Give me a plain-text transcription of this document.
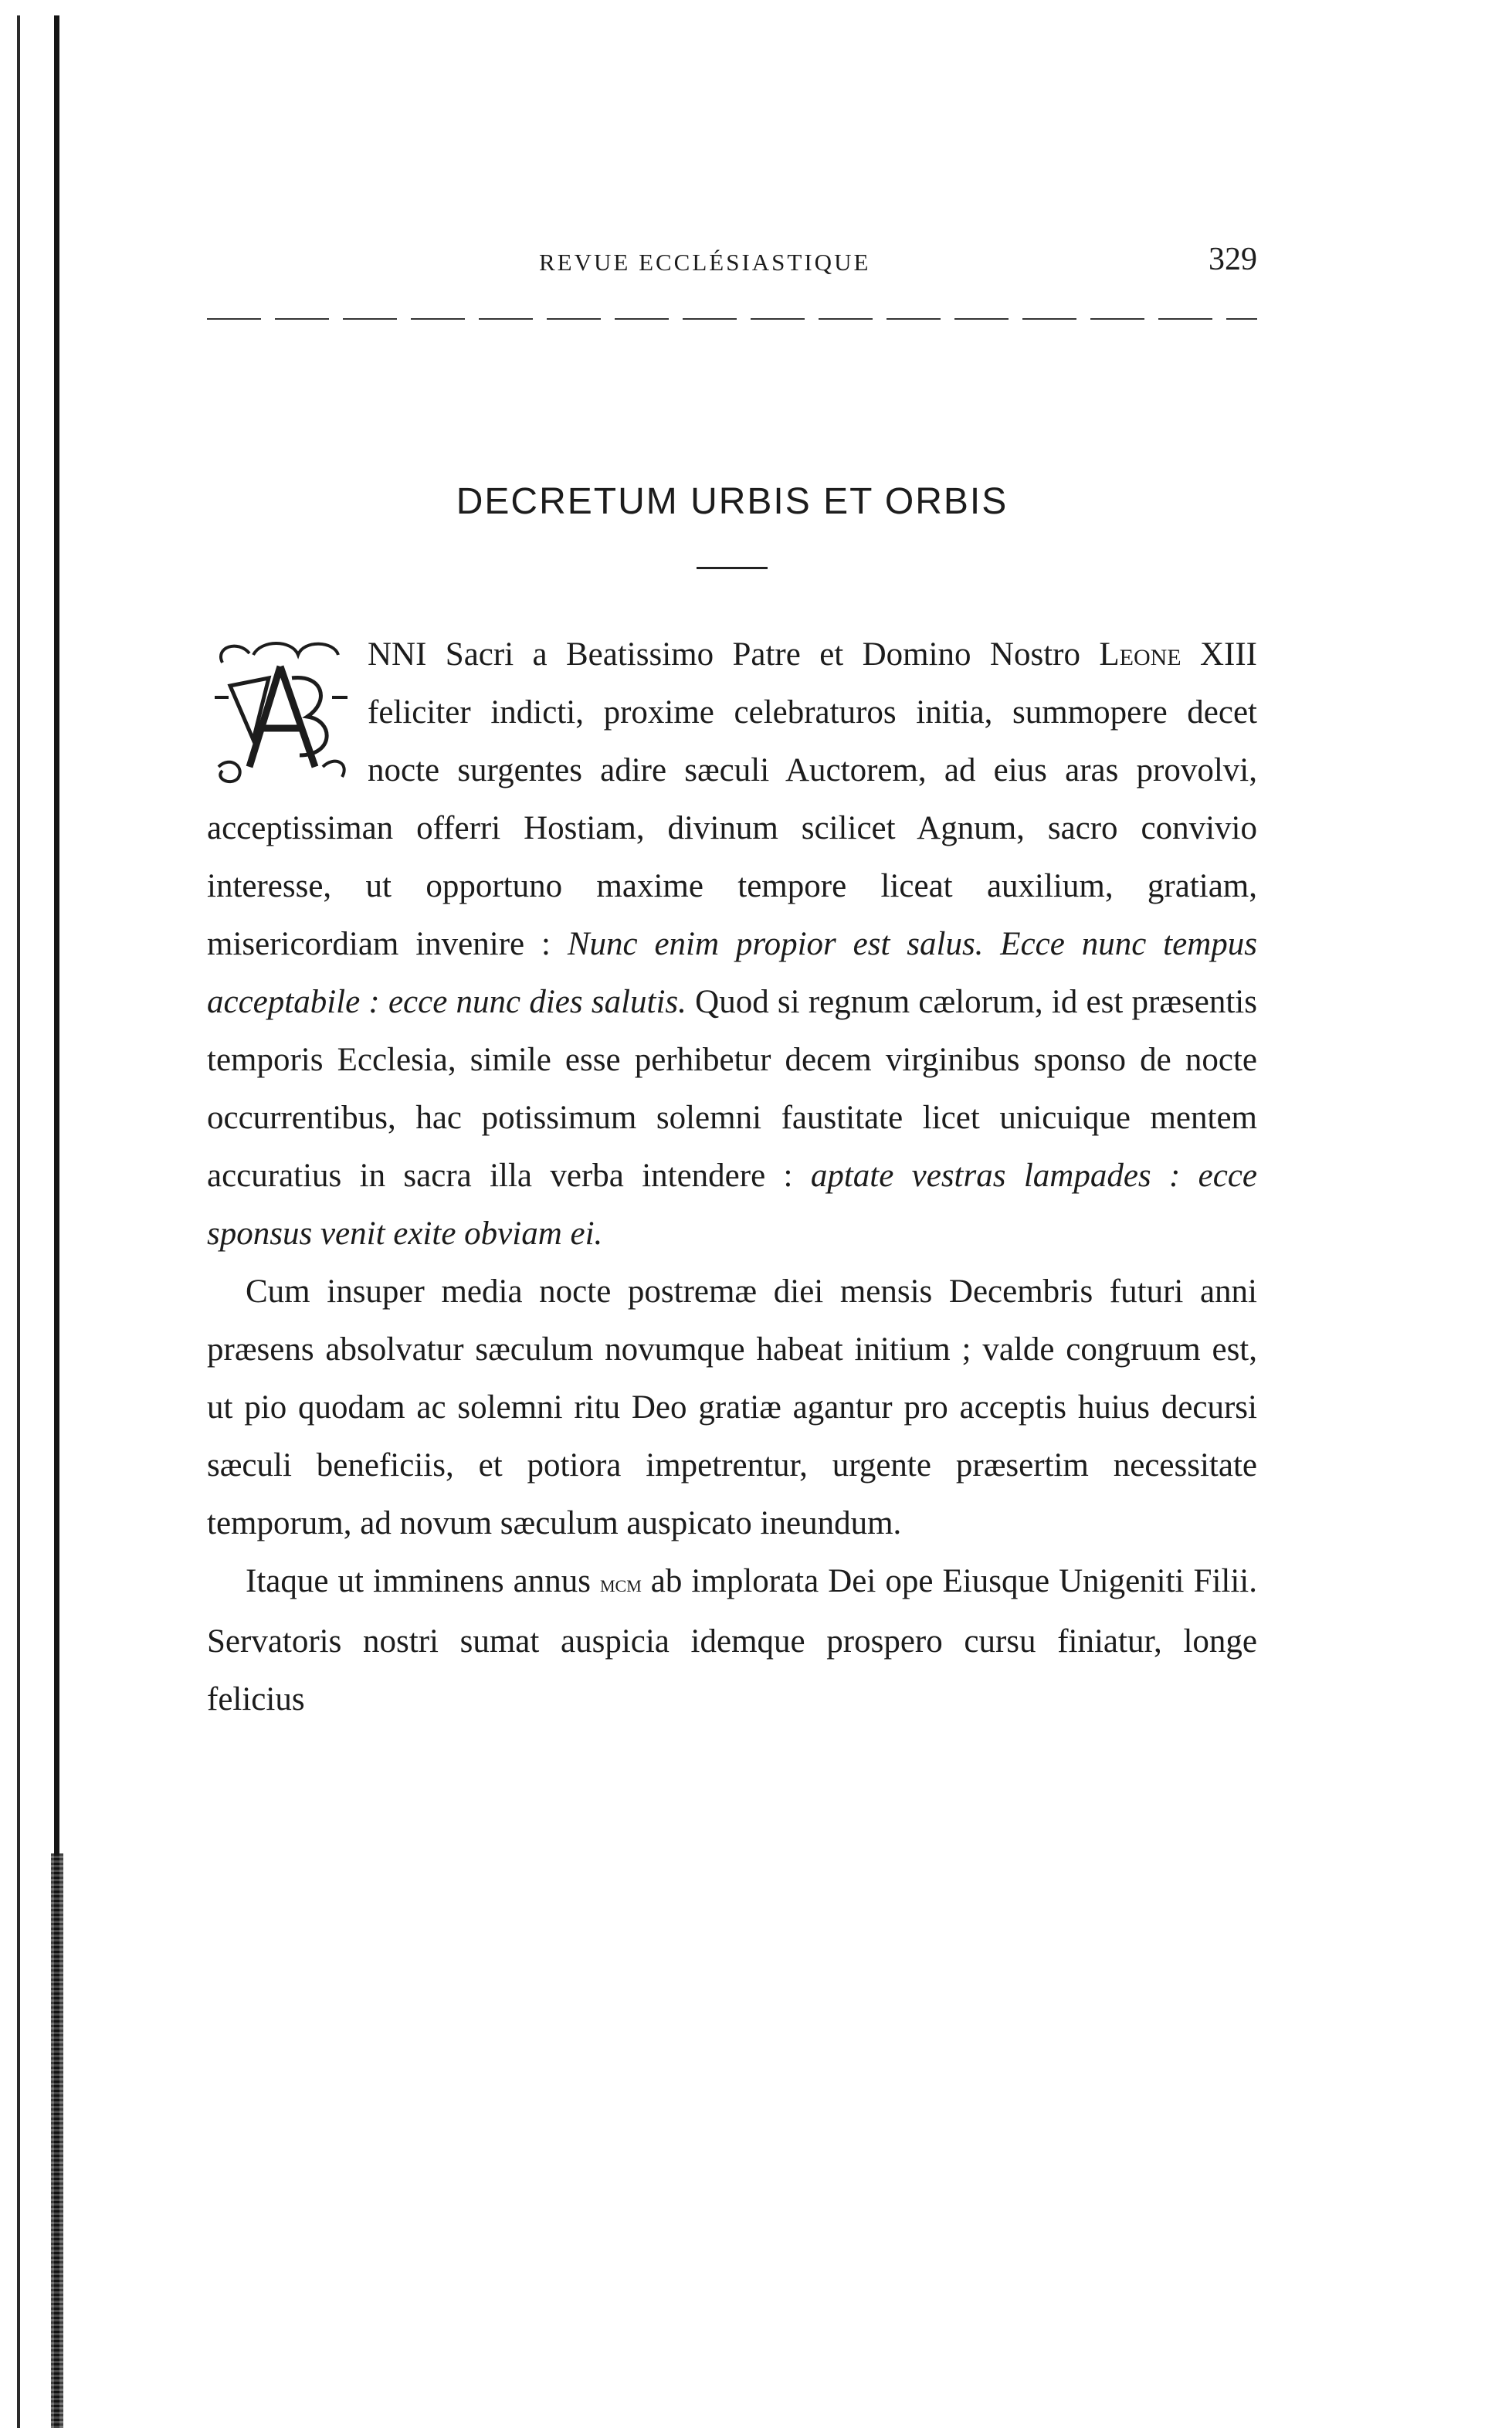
REVUE ECCLÉSIASTIQUE	329
DECRETUM URBIS ET ORBIS

NNI Sacri a Beatissimo Patre et Domino Nostro Leone XIII feliciter indicti, proxime celebraturos initia, summopere decet nocte surgentes adire sæculi Auctorem, ad eius aras provolvi, acceptissiman offerri Hostiam, divinum scilicet Agnum, sacro convivio interesse, ut opportuno maxime tempore liceat auxilium, gratiam, misericordiam invenire : Nunc enim propior est salus. Ecce nunc tempus acceptabile : ecce nunc dies salutis. Quod si regnum cælorum, id est præsentis temporis Ecclesia, simile esse perhibetur decem virginibus sponso de nocte occurrentibus, hac potissimum solemni faustitate licet unicuique mentem accuratius in sacra illa verba intendere : aptate vestras lampades : ecce sponsus venit exite obviam ei.

Cum insuper media nocte postremæ diei mensis Decembris futuri anni præsens absolvatur sæculum novumque habeat initium ; valde congruum est, ut pio quodam ac solemni ritu Deo gratiæ agantur pro acceptis huius decursi sæculi beneficiis, et potiora impetrentur, urgente præsertim necessitate temporum, ad novum sæculum auspicato ineundum.

Itaque ut imminens annus mcm ab implorata Dei ope Eiusque Unigeniti Filii. Servatoris nostri sumat auspicia idemque prospero cursu finiatur, longe felicius
